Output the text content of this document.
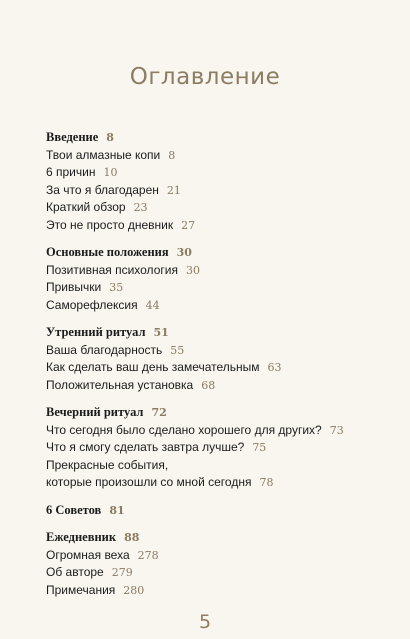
Оглавление
Введение 8
Твои алмазные копи 8
6 причин 10
За что я благодарен 21
Краткий обзор 23
Это не просто дневник 27
Основные положения 30
Позитивная психология 30
Привычки 35
Саморефлексия 44
Утренний ритуал 51
Ваша благодарность 55
Как сделать ваш день замечательным 63
Положительная установка 68
Вечерний ритуал 72
Что сегодня было сделано хорошего для других? 73
Что я смогу сделать завтра лучше? 75
Прекрасные события,
которые произошли со мной сегодня 78
6 Советов 81
Ежедневник 88
Огромная веха 278
Об авторе 279
Примечания 280
5
